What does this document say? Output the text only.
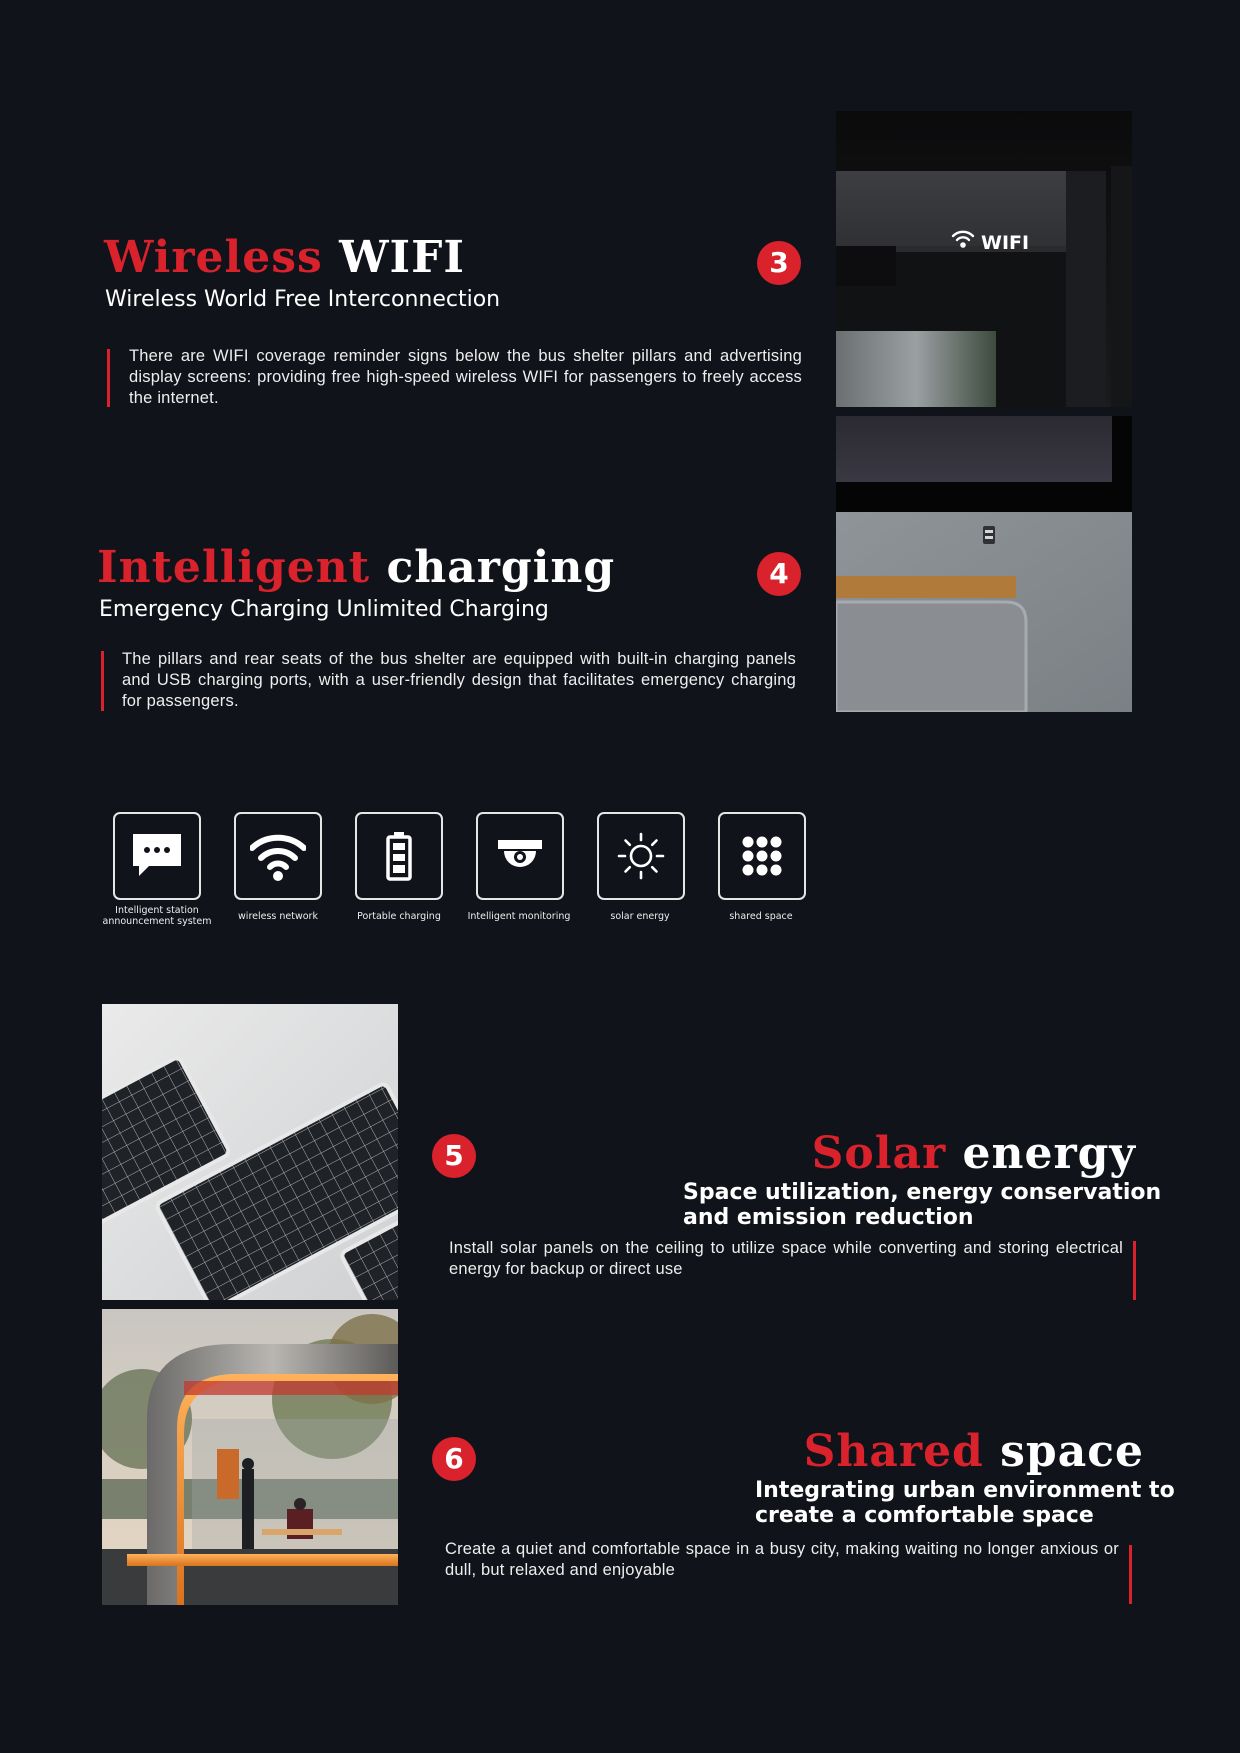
Wireless WIFI
Wireless World Free Interconnection
There are WIFI coverage reminder signs below the bus shelter pillars and advertising display screens: providing free high-speed wireless WIFI for passengers to freely access the internet.
3
WIFI
Intelligent charging
Emergency Charging Unlimited Charging
The pillars and rear seats of the bus shelter are equipped with built-in charging panels and USB charging ports, with a user-friendly design that facilitates emergency charging for passengers.
4
Intelligent station
announcement system	wireless network	Portable charging	Intelligent monitoring	solar energy	shared space
5	Solar energy
Space utilization, energy conservation
and emission reduction
Install solar panels on the ceiling to utilize space while converting and storing electrical energy for backup or direct use
6	Shared space
Integrating urban environment to
create a comfortable space
Create a quiet and comfortable space in a busy city, making waiting no longer anxious or dull, but relaxed and enjoyable
